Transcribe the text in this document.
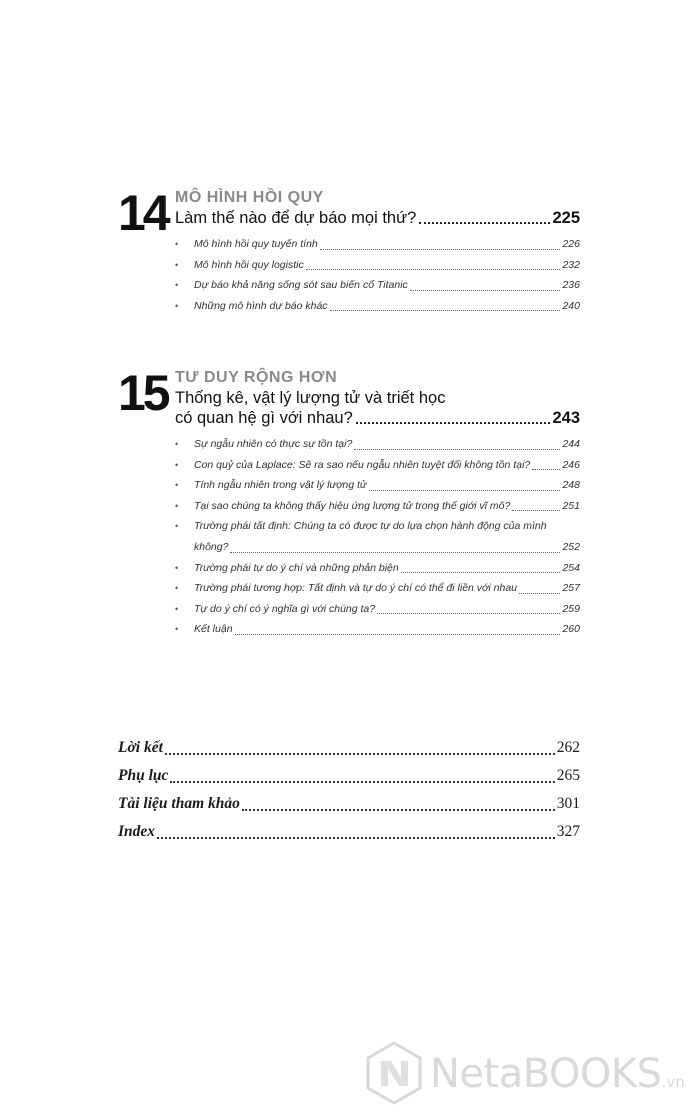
14 MÔ HÌNH HỒI QUY
Làm thế nào để dự báo mọi thứ?	225
• Mô hình hồi quy tuyến tính	226
• Mô hình hồi quy logistic	232
• Dự báo khả năng sống sót sau biến cố Titanic	236
• Những mô hình dự báo khác	240
15 TƯ DUY RỘNG HƠN
Thống kê, vật lý lượng tử và triết học
có quan hệ gì với nhau?	243
• Sự ngẫu nhiên có thực sự tồn tại?	244
• Con quỷ của Laplace: Sẽ ra sao nếu ngẫu nhiên tuyệt đối không tồn tại?	246
• Tính ngẫu nhiên trong vật lý lượng tử	248
• Tại sao chúng ta không thấy hiệu ứng lượng tử trong thế giới vĩ mô?	251
• Trường phái tất định: Chúng ta có được tự do lựa chọn hành động của mình
không?	252
• Trường phái tự do ý chí và những phản biện	254
• Trường phái tương hợp: Tất định và tự do ý chí có thể đi liền với nhau	257
• Tự do ý chí có ý nghĩa gì với chúng ta?	259
• Kết luận	260
Lời kết	262
Phụ lục	265
Tài liệu tham khảo	301
Index	327
NetaBOOKS.vn
